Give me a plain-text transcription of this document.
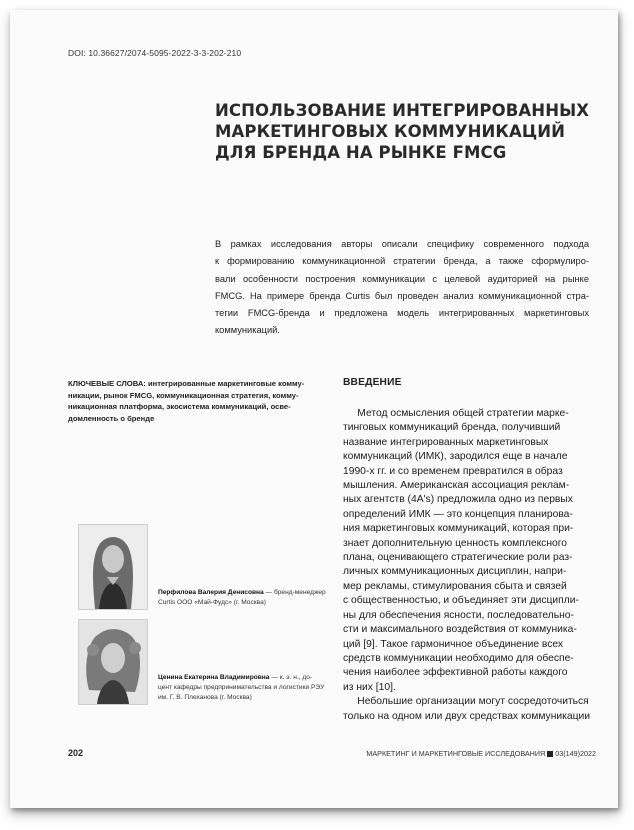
DOI: 10.36627/2074-5095-2022-3-3-202-210
ИСПОЛЬЗОВАНИЕ ИНТЕГРИРОВАННЫХ
МАРКЕТИНГОВЫХ КОММУНИКАЦИЙ
ДЛЯ БРЕНДА НА РЫНКЕ FMCG
В рамках исследования авторы описали специфику современного подхода
к формированию коммуникационной стратегии бренда, а также сформулиро-
вали особенности построения коммуникации с целевой аудиторией на рынке
FMCG. На примере бренда Curtis был проведен анализ коммуникационной стра-
тегии FMCG-бренда и предложена модель интегрированных маркетинговых
коммуникаций.
КЛЮЧЕВЫЕ СЛОВА: интегрированные маркетинговые комму-
никации, рынок FMCG, коммуникационная стратегия, комму-
никационная платформа, экосистема коммуникаций, осве-
домленность о бренде
ВВЕДЕНИЕ
Метод осмысления общей стратегии марке-
тинговых коммуникаций бренда, получивший
название интегрированных маркетинговых
коммуникаций (ИМК), зародился еще в начале
1990-х гг. и со временем превратился в образ
мышления. Американская ассоциация реклам-
ных агентств (4A's) предложила одно из первых
определений ИМК — это концепция планирова-
ния маркетинговых коммуникаций, которая при-
знает дополнительную ценность комплексного
плана, оценивающего стратегические роли раз-
личных коммуникационных дисциплин, напри-
мер рекламы, стимулирования сбыта и связей
с общественностью, и объединяет эти дисципли-
ны для обеспечения ясности, последовательно-
сти и максимального воздействия от коммуника-
ций [9]. Такое гармоничное объединение всех
средств коммуникации необходимо для обеспе-
чения наиболее эффективной работы каждого
из них [10].
Небольшие организации могут сосредоточиться
только на одном или двух средствах коммуникации
Перфилова Валерия Денисовна — бренд-менеджер
Curtis ООО «Май-Фудс» (г. Москва)
Ценина Екатерина Владимировна — к. э. н., до-
цент кафедры предпринимательства и логистики РЭУ
им. Г. В. Плеханова (г. Москва)
202	МАРКЕТИНГ И МАРКЕТИНГОВЫЕ ИССЛЕДОВАНИЯ 03(149)2022
